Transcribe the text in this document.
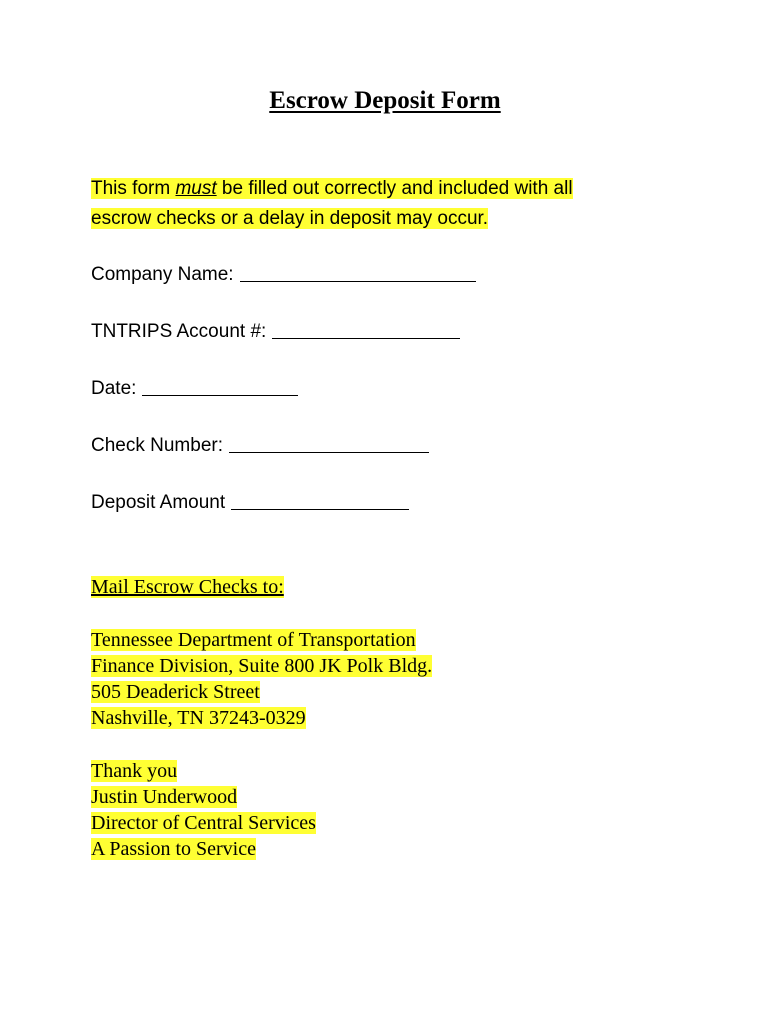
Escrow Deposit Form
This form must be filled out correctly and included with all
escrow checks or a delay in deposit may occur.
Company Name:
TNTRIPS Account #:
Date:
Check Number:
Deposit Amount
Mail Escrow Checks to:
Tennessee Department of Transportation
Finance Division, Suite 800 JK Polk Bldg.
505 Deaderick Street
Nashville, TN 37243-0329
Thank you
Justin Underwood
Director of Central Services
A Passion to Service
